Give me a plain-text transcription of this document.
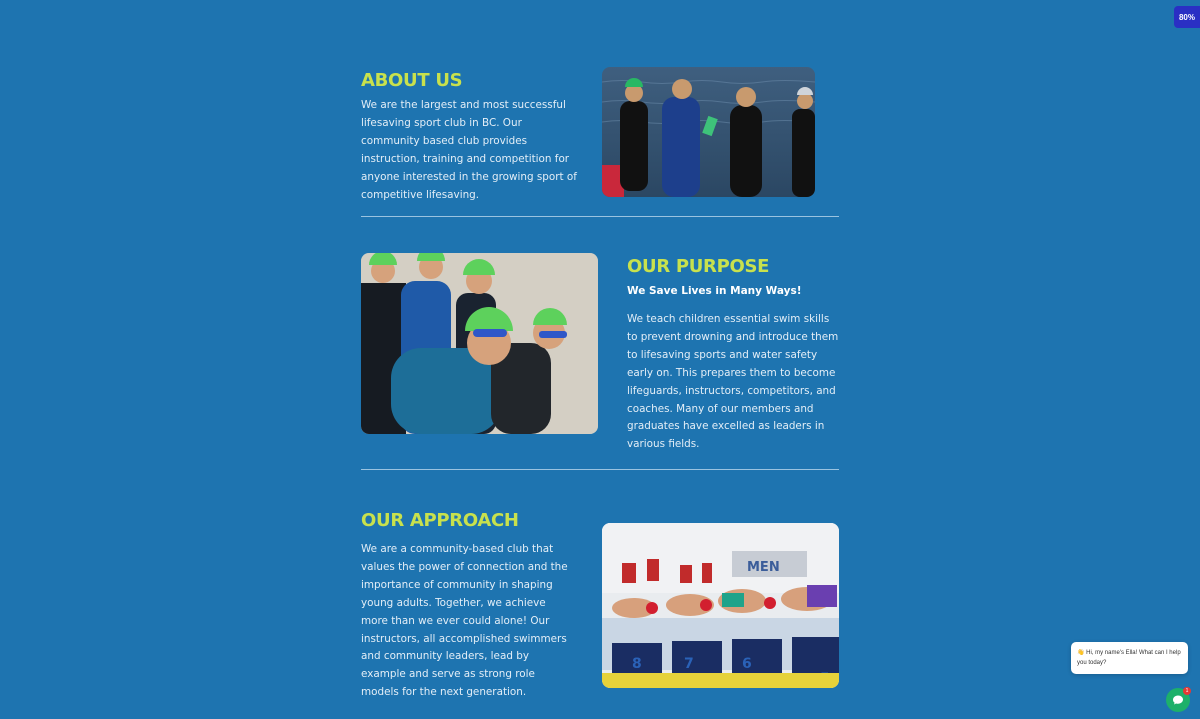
80%
ABOUT US

We are the largest and most successful lifesaving sport club in BC. Our community based club provides instruction, training and competition for anyone interested in the growing sport of competitive lifesaving.

OUR PURPOSE
We Save Lives in Many Ways!

We teach children essential swim skills to prevent drowning and introduce them to lifesaving sports and water safety early on. This prepares them to become lifeguards, instructors, competitors, and coaches. Many of our members and graduates have excelled as leaders in various fields.

OUR APPROACH

We are a community-based club that values the power of connection and the importance of community in shaping young adults. Together, we achieve more than we ever could alone! Our instructors, all accomplished swimmers and community leaders, lead by example and serve as strong role models for the next generation.

MEN
8	7	6
👋 Hi, my name's Ella! What can I help you today?
1
